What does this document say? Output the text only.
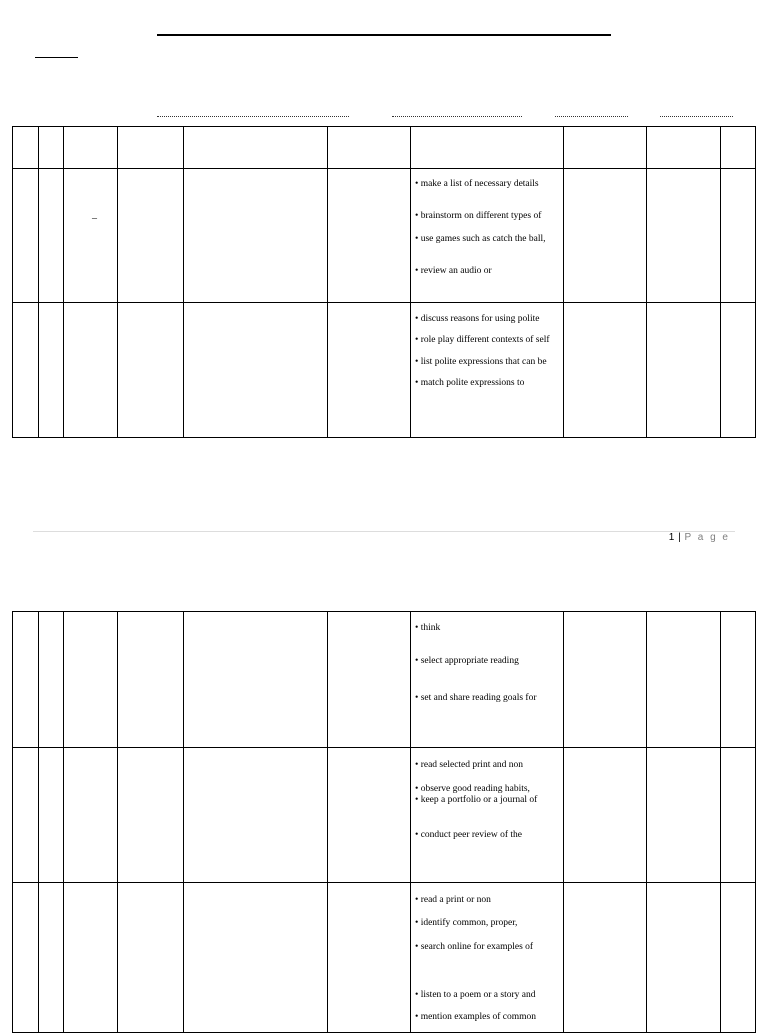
		–				• make a list of necessary details
• brainstorm on different types of
• use games such as catch the ball,
• review an audio or			

						• discuss reasons for using polite
• role play different contexts of self
• list polite expressions that can be
• match polite expressions to			

1 | P a g e

						• think
• select appropriate reading
• set and share reading goals for			

						• read selected print and non
• observe good reading habits,
• keep a portfolio or a journal of
• conduct peer review of the			

						• read a print or non
• identify common, proper,
• search online for examples of
• listen to a poem or a story and
• mention examples of common			
